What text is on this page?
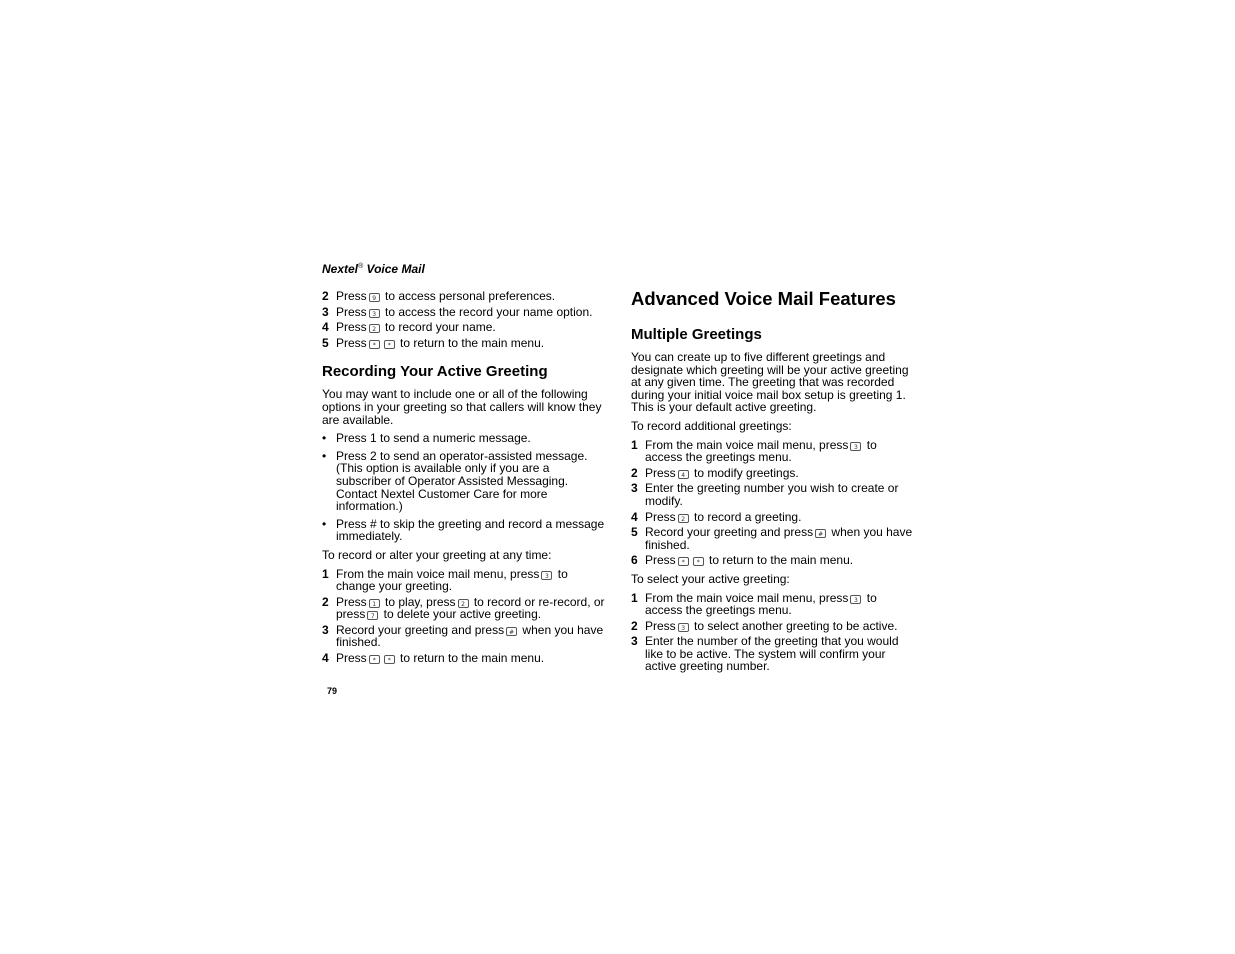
Nextel® Voice Mail
2 Press 9 to access personal preferences.
3 Press 3 to access the record your name option.
4 Press 2 to record your name.
5 Press * * to return to the main menu.
Recording Your Active Greeting

You may want to include one or all of the following options in your greeting so that callers will know they are available.

• Press 1 to send a numeric message.
• Press 2 to send an operator-assisted message. (This option is available only if you are a subscriber of Operator Assisted Messaging. Contact Nextel Customer Care for more information.)
• Press # to skip the greeting and record a message immediately.

To record or alter your greeting at any time:

1 From the main voice mail menu, press 3 to change your greeting.
2 Press 1 to play, press 2 to record or re-record, or press 7 to delete your active greeting.
3 Record your greeting and press # when you have finished.
4 Press * * to return to the main menu.
Advanced Voice Mail Features
Multiple Greetings

You can create up to five different greetings and designate which greeting will be your active greeting at any given time. The greeting that was recorded during your initial voice mail box setup is greeting 1. This is your default active greeting.

To record additional greetings:

1 From the main voice mail menu, press 3 to access the greetings menu.
2 Press 4 to modify greetings.
3 Enter the greeting number you wish to create or modify.
4 Press 2 to record a greeting.
5 Record your greeting and press # when you have finished.
6 Press * * to return to the main menu.

To select your active greeting:

1 From the main voice mail menu, press 3 to access the greetings menu.
2 Press 3 to select another greeting to be active.
3 Enter the number of the greeting that you would like to be active. The system will confirm your active greeting number.
79
